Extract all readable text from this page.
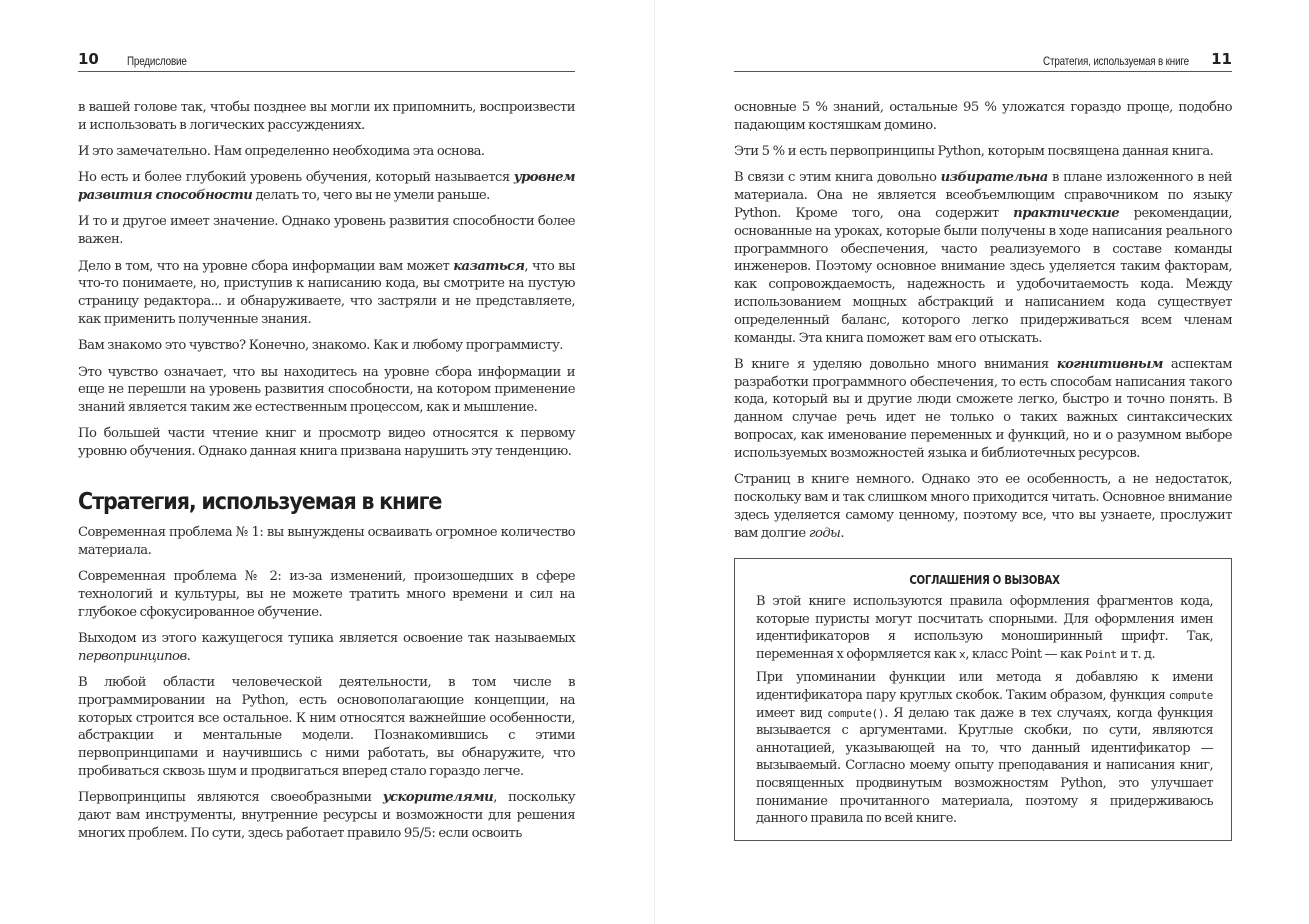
10 Предисловие

в вашей голове так, чтобы позднее вы могли их припомнить, воспроизвести и использовать в логических рассуждениях.

И это замечательно. Нам определенно необходима эта основа.

Но есть и более глубокий уровень обучения, который называется уровнем развития способности делать то, чего вы не умели раньше.

И то и другое имеет значение. Однако уровень развития способности более важен.

Дело в том, что на уровне сбора информации вам может казаться, что вы что-то понимаете, но, приступив к написанию кода, вы смотрите на пустую страницу редактора... и обнаруживаете, что застряли и не представляете, как применить полученные знания.

Вам знакомо это чувство? Конечно, знакомо. Как и любому программисту.

Это чувство означает, что вы находитесь на уровне сбора информации и еще не перешли на уровень развития способности, на котором применение знаний является таким же естественным процессом, как и мышление.

По большей части чтение книг и просмотр видео относятся к первому уровню обучения. Однако данная книга призвана нарушить эту тенденцию.

Стратегия, используемая в книге

Современная проблема № 1: вы вынуждены осваивать огромное количество материала.

Современная проблема № 2: из-за изменений, произошедших в сфере технологий и культуры, вы не можете тратить много времени и сил на глубокое сфокусированное обучение.

Выходом из этого кажущегося тупика является освоение так называемых первопринципов.

В любой области человеческой деятельности, в том числе в программировании на Python, есть основополагающие концепции, на которых строится все остальное. К ним относятся важнейшие особенности, абстракции и ментальные модели. Познакомившись с этими первопринципами и научившись с ними работать, вы обнаружите, что пробиваться сквозь шум и продвигаться вперед стало гораздо легче.

Первопринципы являются своеобразными ускорителями, поскольку дают вам инструменты, внутренние ресурсы и возможности для решения многих проблем. По сути, здесь работает правило 95/5: если освоить

Стратегия, используемая в книге 11

основные 5 % знаний, остальные 95 % уложатся гораздо проще, подобно падающим костяшкам домино.

Эти 5 % и есть первопринципы Python, которым посвящена данная книга.

В связи с этим книга довольно избирательна в плане изложенного в ней материала. Она не является всеобъемлющим справочником по языку Python. Кроме того, она содержит практические рекомендации, основанные на уроках, которые были получены в ходе написания реального программного обеспечения, часто реализуемого в составе команды инженеров. Поэтому основное внимание здесь уделяется таким факторам, как сопровождаемость, надежность и удобочитаемость кода. Между использованием мощных абстракций и написанием кода существует определенный баланс, которого легко придерживаться всем членам команды. Эта книга поможет вам его отыскать.

В книге я уделяю довольно много внимания когнитивным аспектам разработки программного обеспечения, то есть способам написания такого кода, который вы и другие люди сможете легко, быстро и точно понять. В данном случае речь идет не только о таких важных синтаксических вопросах, как именование переменных и функций, но и о разумном выборе используемых возможностей языка и библиотечных ресурсов.

Страниц в книге немного. Однако это ее особенность, а не недостаток, поскольку вам и так слишком много приходится читать. Основное внимание здесь уделяется самому ценному, поэтому все, что вы узнаете, прослужит вам долгие годы.

СОГЛАШЕНИЯ О ВЫЗОВАХ

В этой книге используются правила оформления фрагментов кода, которые пуристы могут посчитать спорными. Для оформления имен идентификаторов я использую моноширинный шрифт. Так, переменная x оформляется как x, класс Point — как Point и т. д.

При упоминании функции или метода я добавляю к имени идентификатора пару круглых скобок. Таким образом, функция compute имеет вид compute(). Я делаю так даже в тех случаях, когда функция вызывается с аргументами. Круглые скобки, по сути, являются аннотацией, указывающей на то, что данный идентификатор — вызываемый. Согласно моему опыту преподавания и написания книг, посвященных продвинутым возможностям Python, это улучшает понимание прочитанного материала, поэтому я придерживаюсь данного правила по всей книге.
